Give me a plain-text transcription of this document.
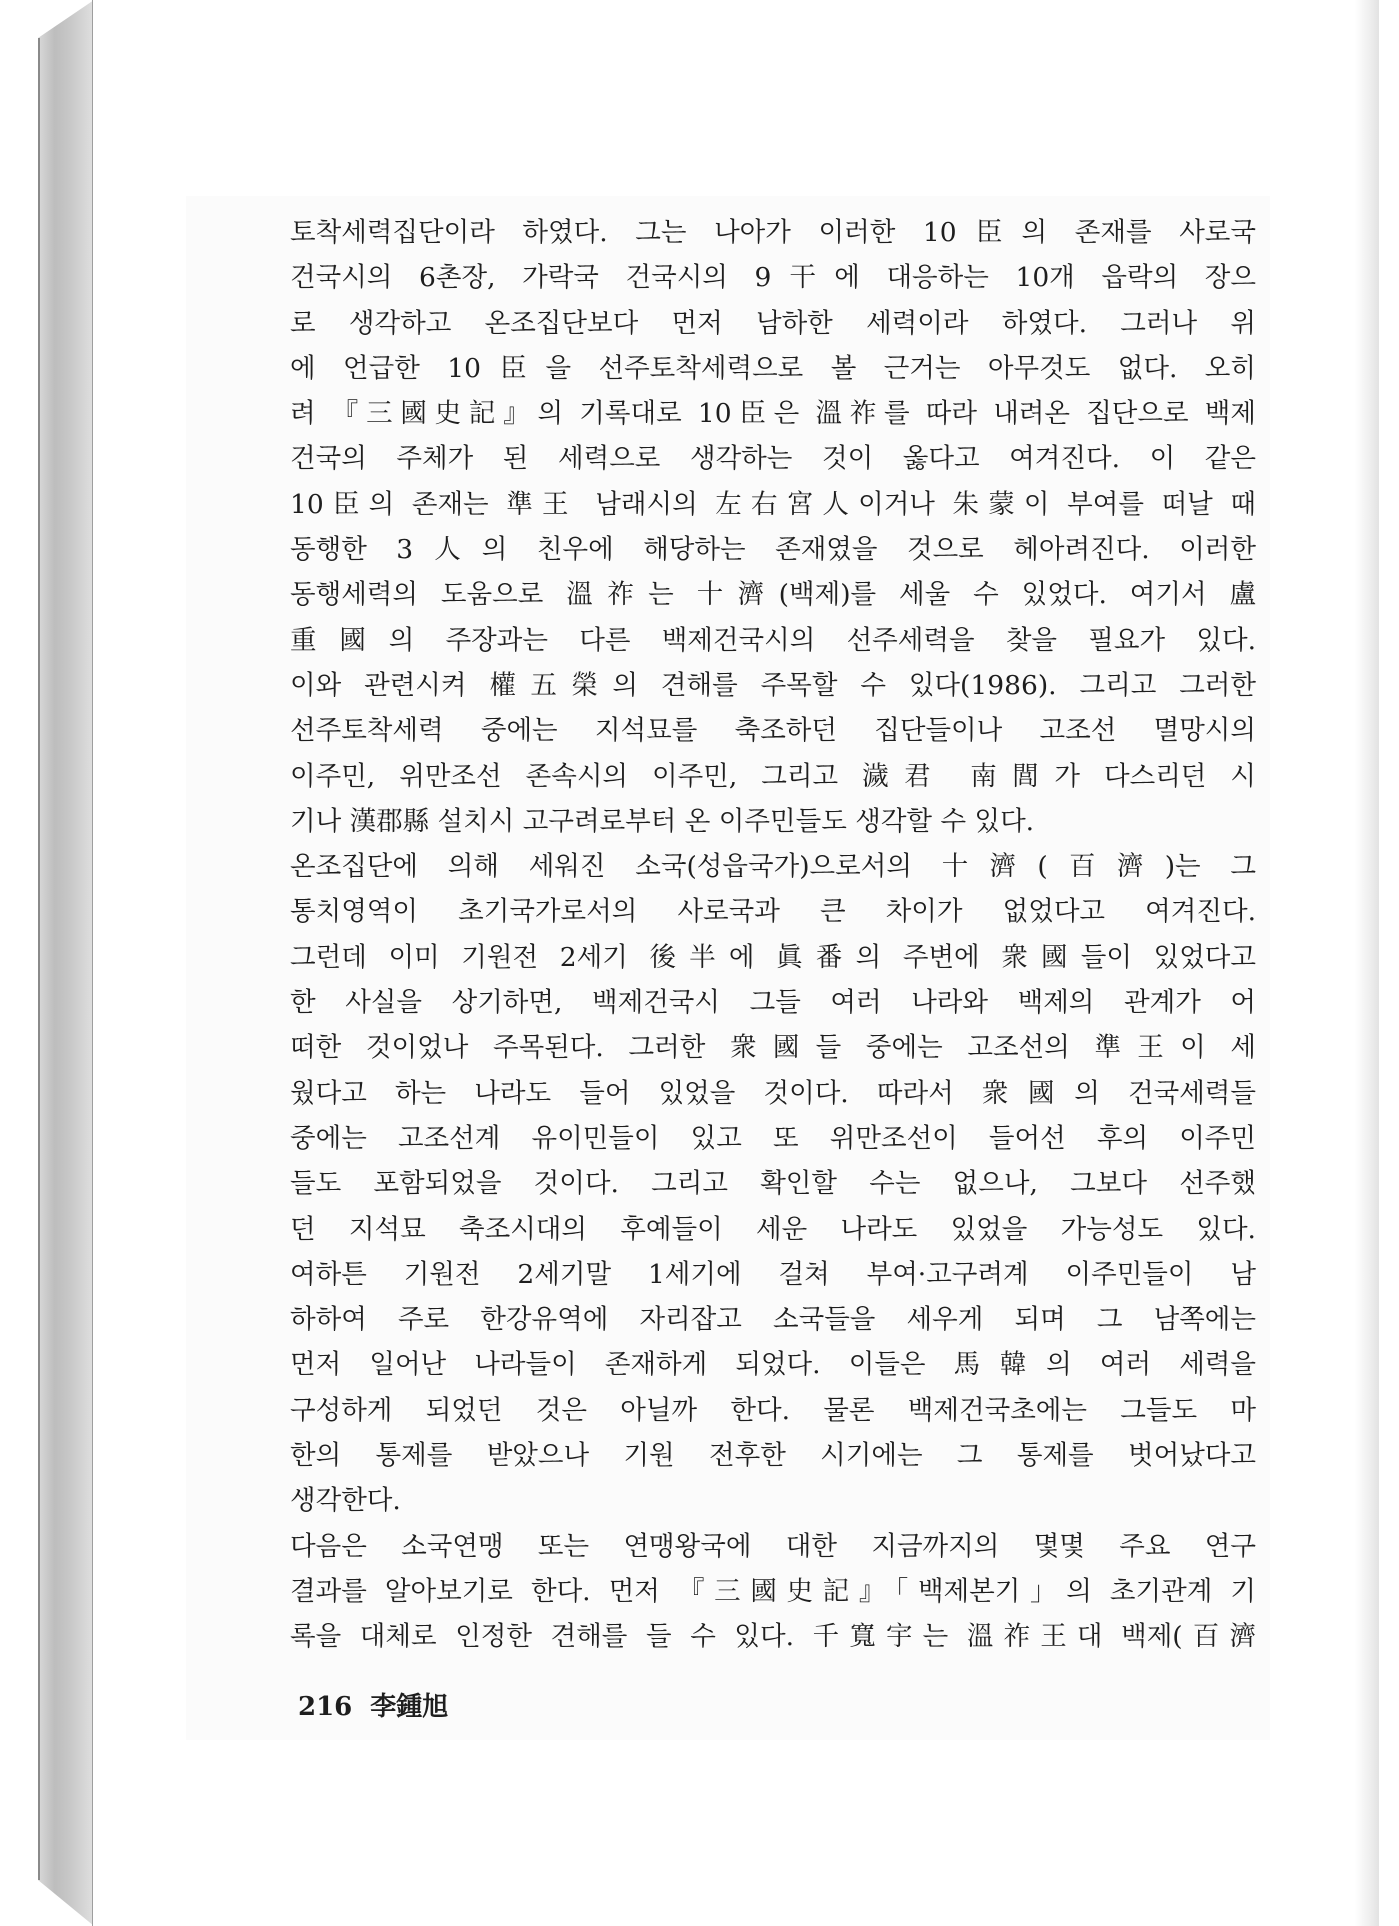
토착세력집단이라 하였다. 그는 나아가 이러한 10臣의 존재를 사로국
건국시의 6촌장, 가락국 건국시의 9干에 대응하는 10개 읍락의 장으
로 생각하고 온조집단보다 먼저 남하한 세력이라 하였다. 그러나 위
에 언급한 10臣을 선주토착세력으로 볼 근거는 아무것도 없다. 오히
려 『三國史記』의 기록대로 10臣은 溫祚를 따라 내려온 집단으로 백제
건국의 주체가 된 세력으로 생각하는 것이 옳다고 여겨진다. 이 같은
10臣의 존재는 準王 남래시의 左右宮人이거나 朱蒙이 부여를 떠날 때
동행한 3人의 친우에 해당하는 존재였을 것으로 헤아려진다. 이러한
동행세력의 도움으로 溫祚는 十濟(백제)를 세울 수 있었다. 여기서 盧
重國의 주장과는 다른 백제건국시의 선주세력을 찾을 필요가 있다.
이와 관련시켜 權五榮의 견해를 주목할 수 있다(1986). 그리고 그러한
선주토착세력 중에는 지석묘를 축조하던 집단들이나 고조선 멸망시의
이주민, 위만조선 존속시의 이주민, 그리고 濊君 南閭가 다스리던 시
기나 漢郡縣 설치시 고구려로부터 온 이주민들도 생각할 수 있다.
온조집단에 의해 세워진 소국(성읍국가)으로서의 十濟(百濟)는 그
통치영역이 초기국가로서의 사로국과 큰 차이가 없었다고 여겨진다.
그런데 이미 기원전 2세기 後半에 眞番의 주변에 衆國들이 있었다고
한 사실을 상기하면, 백제건국시 그들 여러 나라와 백제의 관계가 어
떠한 것이었나 주목된다. 그러한 衆國들 중에는 고조선의 準王이 세
웠다고 하는 나라도 들어 있었을 것이다. 따라서 衆國의 건국세력들
중에는 고조선계 유이민들이 있고 또 위만조선이 들어선 후의 이주민
들도 포함되었을 것이다. 그리고 확인할 수는 없으나, 그보다 선주했
던 지석묘 축조시대의 후예들이 세운 나라도 있었을 가능성도 있다.
여하튼 기원전 2세기말 1세기에 걸쳐 부여·고구려계 이주민들이 남
하하여 주로 한강유역에 자리잡고 소국들을 세우게 되며 그 남쪽에는
먼저 일어난 나라들이 존재하게 되었다. 이들은 馬韓의 여러 세력을
구성하게 되었던 것은 아닐까 한다. 물론 백제건국초에는 그들도 마
한의 통제를 받았으나 기원 전후한 시기에는 그 통제를 벗어났다고
생각한다.
다음은 소국연맹 또는 연맹왕국에 대한 지금까지의 몇몇 주요 연구
결과를 알아보기로 한다. 먼저 『三國史記』「백제본기」의 초기관계 기
록을 대체로 인정한 견해를 들 수 있다. 千寬宇는 溫祚王대 백제(百濟
216 李鍾旭
